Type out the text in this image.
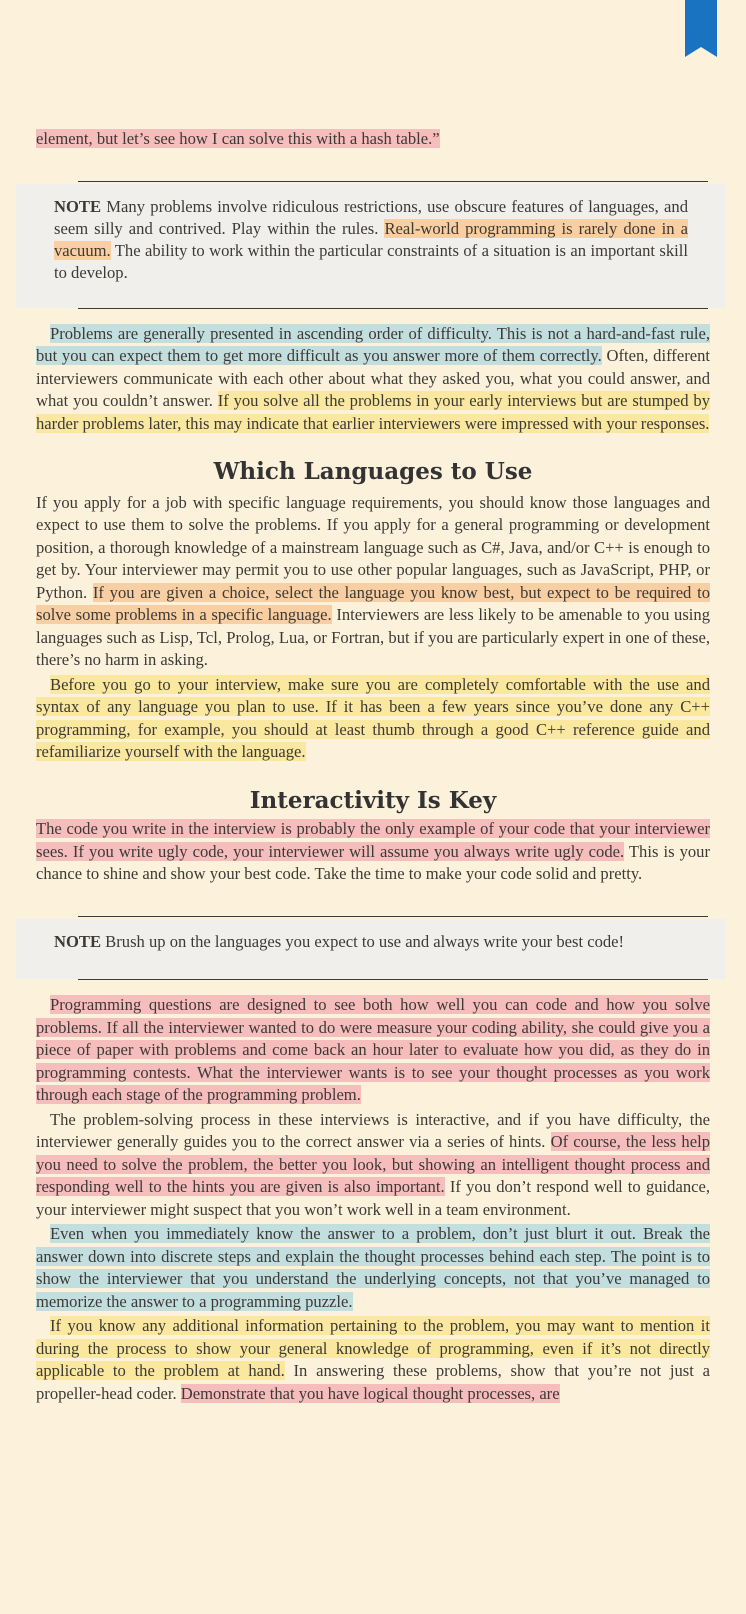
element, but let’s see how I can solve this with a hash table.”

NOTE Many problems involve ridiculous restrictions, use obscure features of languages, and seem silly and contrived. Play within the rules. Real-world programming is rarely done in a vacuum. The ability to work within the particular constraints of a situation is an important skill to develop.

Problems are generally presented in ascending order of difficulty. This is not a hard-and-fast rule, but you can expect them to get more difficult as you answer more of them correctly. Often, different interviewers communicate with each other about what they asked you, what you could answer, and what you couldn’t answer. If you solve all the problems in your early interviews but are stumped by harder problems later, this may indicate that earlier interviewers were impressed with your responses.

Which Languages to Use

If you apply for a job with specific language requirements, you should know those languages and expect to use them to solve the problems. If you apply for a general programming or development position, a thorough knowledge of a mainstream language such as C#, Java, and/or C++ is enough to get by. Your interviewer may permit you to use other popular languages, such as JavaScript, PHP, or Python. If you are given a choice, select the language you know best, but expect to be required to solve some problems in a specific language. Interviewers are less likely to be amenable to you using languages such as Lisp, Tcl, Prolog, Lua, or Fortran, but if you are particularly expert in one of these, there’s no harm in asking.

Before you go to your interview, make sure you are completely comfortable with the use and syntax of any language you plan to use. If it has been a few years since you’ve done any C++ programming, for example, you should at least thumb through a good C++ reference guide and refamiliarize yourself with the language.

Interactivity Is Key

The code you write in the interview is probably the only example of your code that your interviewer sees. If you write ugly code, your interviewer will assume you always write ugly code. This is your chance to shine and show your best code. Take the time to make your code solid and pretty.

NOTE Brush up on the languages you expect to use and always write your best code!

Programming questions are designed to see both how well you can code and how you solve problems. If all the interviewer wanted to do were measure your coding ability, she could give you a piece of paper with problems and come back an hour later to evaluate how you did, as they do in programming contests. What the interviewer wants is to see your thought processes as you work through each stage of the programming problem.

The problem-solving process in these interviews is interactive, and if you have difficulty, the interviewer generally guides you to the correct answer via a series of hints. Of course, the less help you need to solve the problem, the better you look, but showing an intelligent thought process and responding well to the hints you are given is also important. If you don’t respond well to guidance, your interviewer might suspect that you won’t work well in a team environment.

Even when you immediately know the answer to a problem, don’t just blurt it out. Break the answer down into discrete steps and explain the thought processes behind each step. The point is to show the interviewer that you understand the underlying concepts, not that you’ve managed to memorize the answer to a programming puzzle.

If you know any additional information pertaining to the problem, you may want to mention it during the process to show your general knowledge of programming, even if it’s not directly applicable to the problem at hand. In answering these problems, show that you’re not just a propeller-head coder. Demonstrate that you have logical thought processes, are
